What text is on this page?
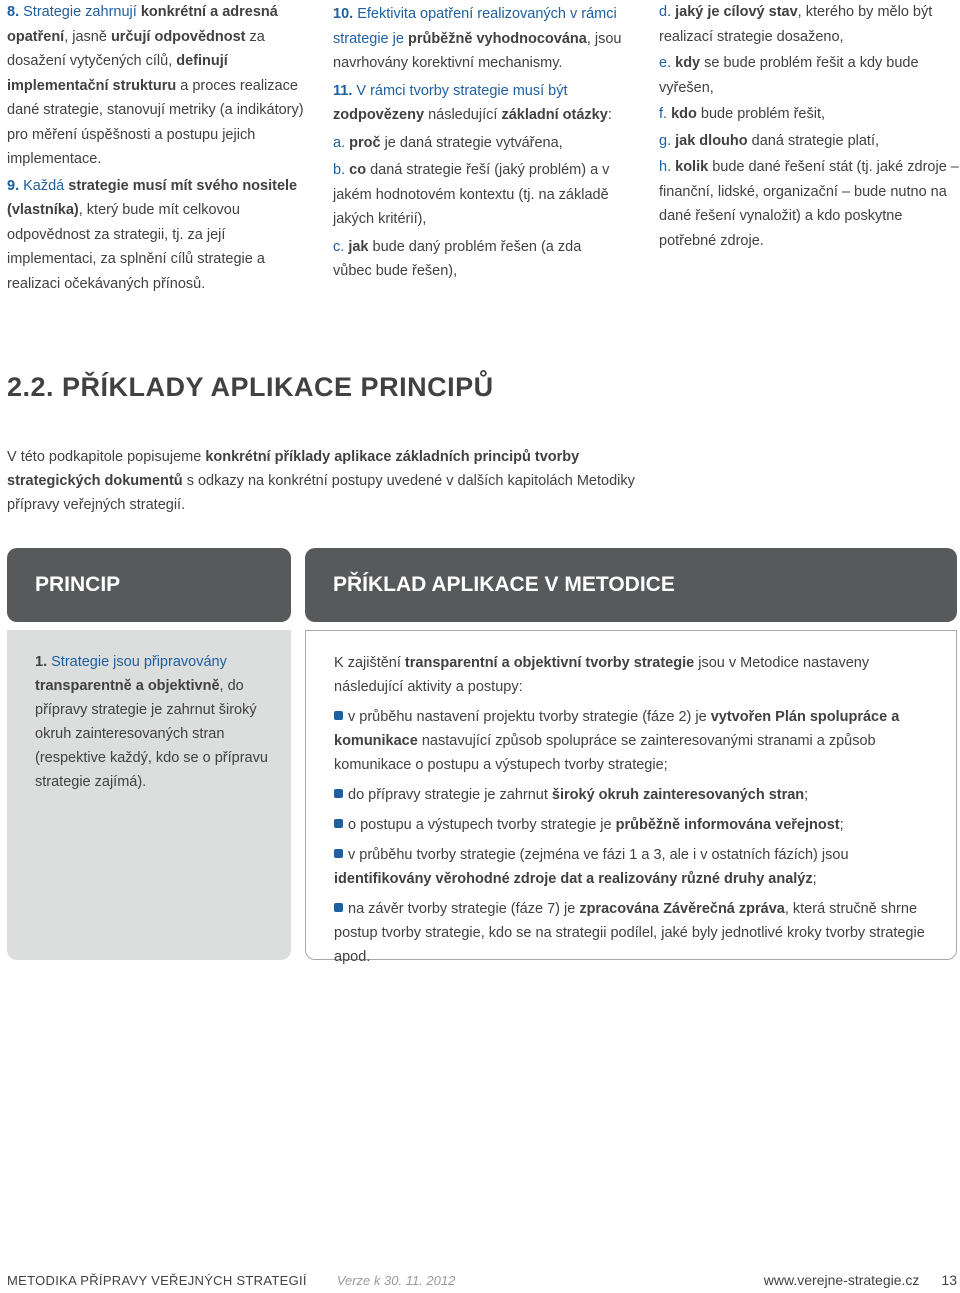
8. Strategie zahrnují konkrétní a adresná opatření, jasně určují odpovědnost za dosažení vytyčených cílů, definují implementační strukturu a proces realizace dané strategie, stanovují metriky (a indikátory) pro měření úspěšnosti a postupu jejich implementace.

9. Každá strategie musí mít svého nositele (vlastníka), který bude mít celkovou odpovědnost za strategii, tj. za její implementaci, za splnění cílů strategie a realizaci očekávaných přínosů.

10. Efektivita opatření realizovaných v rámci strategie je průběžně vyhodnocována, jsou navrhovány korektivní mechanismy.

11. V rámci tvorby strategie musí být zodpovězeny následující základní otázky:

a. proč je daná strategie vytvářena,

b. co daná strategie řeší (jaký problém) a v jakém hodnotovém kontextu (tj. na základě jakých kritérií),

c. jak bude daný problém řešen (a zda vůbec bude řešen),

d. jaký je cílový stav, kterého by mělo být realizací strategie dosaženo,

e. kdy se bude problém řešit a kdy bude vyřešen,

f. kdo bude problém řešit,

g. jak dlouho daná strategie platí,

h. kolik bude dané řešení stát (tj. jaké zdroje – finanční, lidské, organizační – bude nutno na dané řešení vynaložit) a kdo poskytne potřebné zdroje.

2.2. PŘÍKLADY APLIKACE PRINCIPŮ

V této podkapitole popisujeme konkrétní příklady aplikace základních principů tvorby strategických dokumentů s odkazy na konkrétní postupy uvedené v dalších kapitolách Metodiky přípravy veřejných strategií.

PRINCIP	PŘÍKLAD APLIKACE V METODICE
1. Strategie jsou připravovány transparentně a objektivně, do přípravy strategie je zahrnut široký okruh zainteresovaných stran (respektive každý, kdo se o přípravu strategie zajímá).

K zajištění transparentní a objektivní tvorby strategie jsou v Metodice nastaveny následující aktivity a postupy:

v průběhu nastavení projektu tvorby strategie (fáze 2) je vytvořen Plán spolupráce a komunikace nastavující způsob spolupráce se zainteresovanými stranami a způsob komunikace o postupu a výstupech tvorby strategie;

do přípravy strategie je zahrnut široký okruh zainteresovaných stran;

o postupu a výstupech tvorby strategie je průběžně informována veřejnost;

v průběhu tvorby strategie (zejména ve fázi 1 a 3, ale i v ostatních fázích) jsou identifikovány věrohodné zdroje dat a realizovány různé druhy analýz;

na závěr tvorby strategie (fáze 7) je zpracována Závěrečná zpráva, která stručně shrne postup tvorby strategie, kdo se na strategii podílel, jaké byly jednotlivé kroky tvorby strategie apod.

METODIKA PŘÍPRAVY VEŘEJNÝCH STRATEGIÍ Verze k 30. 11. 2012	www.verejne-strategie.cz 13
